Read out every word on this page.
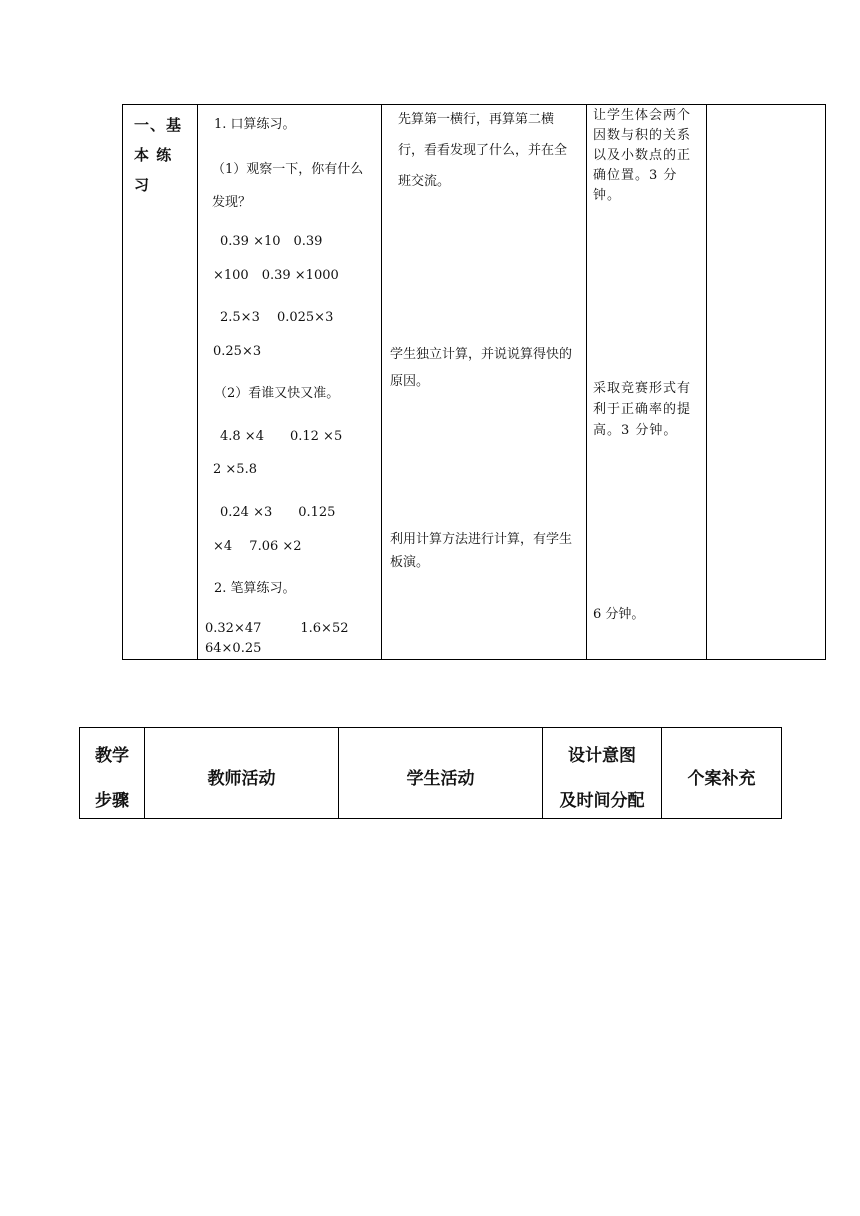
一、基本 练习
1. 口算练习。
（1）观察一下，你有什么发现？
0.39 ×10　0.39
×100　0.39 ×1000
2.5×3　 0.025×3
0.25×3
（2）看谁又快又准。
4.8 ×4　　0.12 ×5
2 ×5.8
0.24 ×3　　0.125
×4　 7.06 ×2
2. 笔算练习。
0.32×47　　　1.6×52
64×0.25
先算第一横行，再算第二横行，看看发现了什么，并在全班交流。
学生独立计算，并说说算得快的原因。
利用计算方法进行计算，有学生板演。
让学生体会两个因数与积的关系以及小数点的正确位置。3 分钟。
采取竞赛形式有利于正确率的提高。3 分钟。
6 分钟。
教学
步骤
教师活动	学生活动
设计意图
及时间分配
个案补充
